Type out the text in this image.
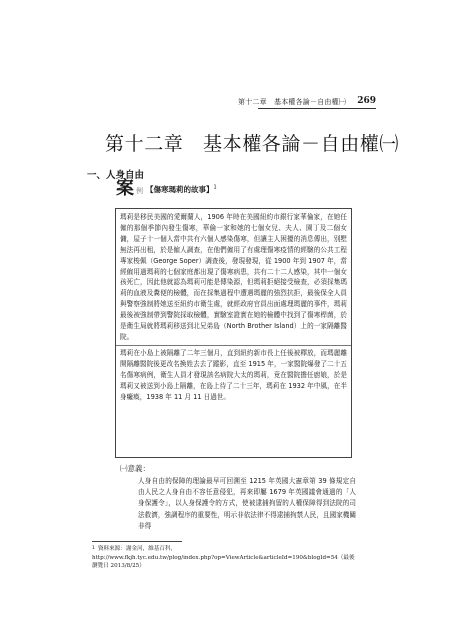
第十二章　基本權各論－自由權㈠ 269
第十二章　基本權各論－自由權㈠
一、人身自由
案 例 【傷寒瑪莉的故事】$^1$

瑪莉是移民美國的愛爾蘭人，1906 年時在美國紐約市銀行家華倫家，在她任僱的那個季節內發生傷寒，華倫一家和她的七個女兒、夫人、園丁及二個女傭，屋子十一個人當中共有六個人感染傷寒，但讓主人困擾的消息傳出，別墅無法再出租，於是僱人調查，在他們僱用了有處理傷寒疫情的經驗的公共工程專家梭佩（George Soper）調查後，發現發現，從 1900 年到 1907 年，當經僱用過瑪莉的七個家庭都出現了傷寒病患，共有二十二人感染，其中一個女孩死亡，因此他就認為瑪莉可能是傳染源，但瑪莉拒絕接受檢查，必須採集瑪莉的血液及糞便的檢體，而在採集過程中遭遇瑪麗的強烈抗拒，最後保全人員與警察強制將她送至紐約市衛生處，就經政府官員出面處理瑪麗的事件，瑪莉最後被強制帶到警院採取檢體，實驗室證實在她的檢體中找到了傷寒桿菌，於是衛生局就將瑪莉移送到北兄弟島（North Brother Island）上的一家隔離醫院。

瑪莉在小島上被隔離了二年三個月，直到紐約新市長上任後被釋放，而瑪麗離開隔離醫院後更改名換姓去去了蹤影，直至 1915 年，一家醫院爆發了二十五名傷寒病例，衛生人員才發現該名病院大太的瑪莉，竟在醫院擔任廚娘，於是瑪莉又被送到小島上隔離，在島上待了二十三年，瑪莉在 1932 年中風，在半身癱瘓，1938 年 11 月 11 日過世。

㈠意義：

人身自由的保障的理論最早可回溯至 1215 年英國大憲章第 39 條規定自由人民之人身自由不容任意侵犯，再來即屬 1679 年英國議會通過的「人身保護令」，以人身保護令的方式，使被逮捕拘留的人權保障得到法院的司法救濟，強調程序的重要性，明示非依法律不得逮捕拘禁人民，且國家機關非得

$^1$ 資料來源：謝金河，維基百科，
http://www.fkjh.tyc.edu.tw/plog/index.php?op=ViewArticle&articleId=190&blogId=54（最後瀏覽日 2013/8/25）
